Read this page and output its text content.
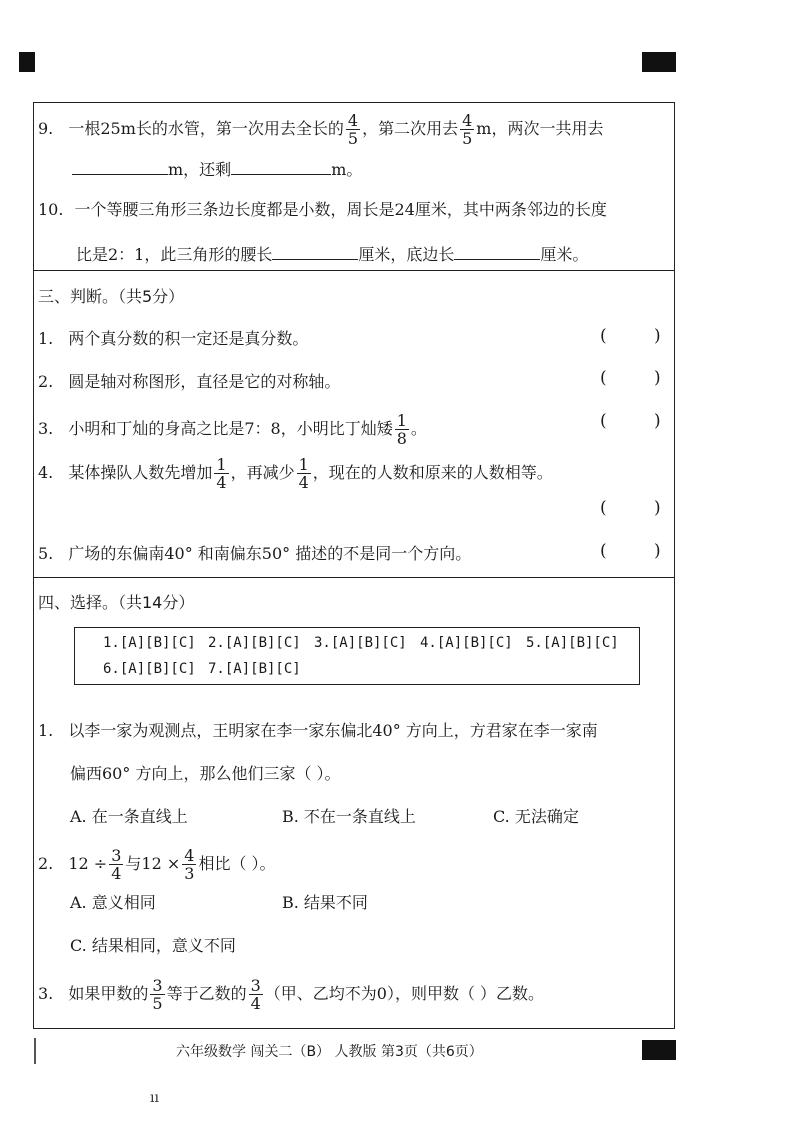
9. 一根25m长的水管，第一次用去全长的 $\frac{4}{5}$ ，第二次用去 $\frac{4}{5}$ m，两次一共用去
m，还剩	m。
10. 一个等腰三角形三条边长度都是小数，周长是24厘米，其中两条邻边的长度
比是2：1，此三角形的腰长	厘米，底边长	厘米。
三、判断。（共5分）
1. 两个真分数的积一定还是真分数。	(	)
2. 圆是轴对称图形，直径是它的对称轴。	(	)
3. 小明和丁灿的身高之比是7：8，小明比丁灿矮 $\frac{1}{8}$ 。	(	)
4. 某体操队人数先增加 $\frac{1}{4}$ ，再减少 $\frac{1}{4}$ ，现在的人数和原来的人数相等。
(	)
5. 广场的东偏南40° 和南偏东50° 描述的不是同一个方向。	(	)
四、选择。（共14分）
1.[A][B][C] 2.[A][B][C] 3.[A][B][C] 4.[A][B][C] 5.[A][B][C]
6.[A][B][C] 7.[A][B][C]
1. 以李一家为观测点，王明家在李一家东偏北40° 方向上，方君家在李一家南
偏西60° 方向上，那么他们三家（ ）。
A. 在一条直线上	B. 不在一条直线上	C. 无法确定
2. $12 \div \frac{3}{4}$ 与$12 \times \frac{4}{3}$ 相比（ ）。
A. 意义相同	B. 结果不同
C. 结果相同，意义不同
3. 如果甲数的 $\frac{3}{5}$ 等于乙数的 $\frac{3}{4}$ （甲、乙均不为0），则甲数（ ）乙数。
六年级数学 闯关二（B） 人教版 第3页（共6页）
ıı
